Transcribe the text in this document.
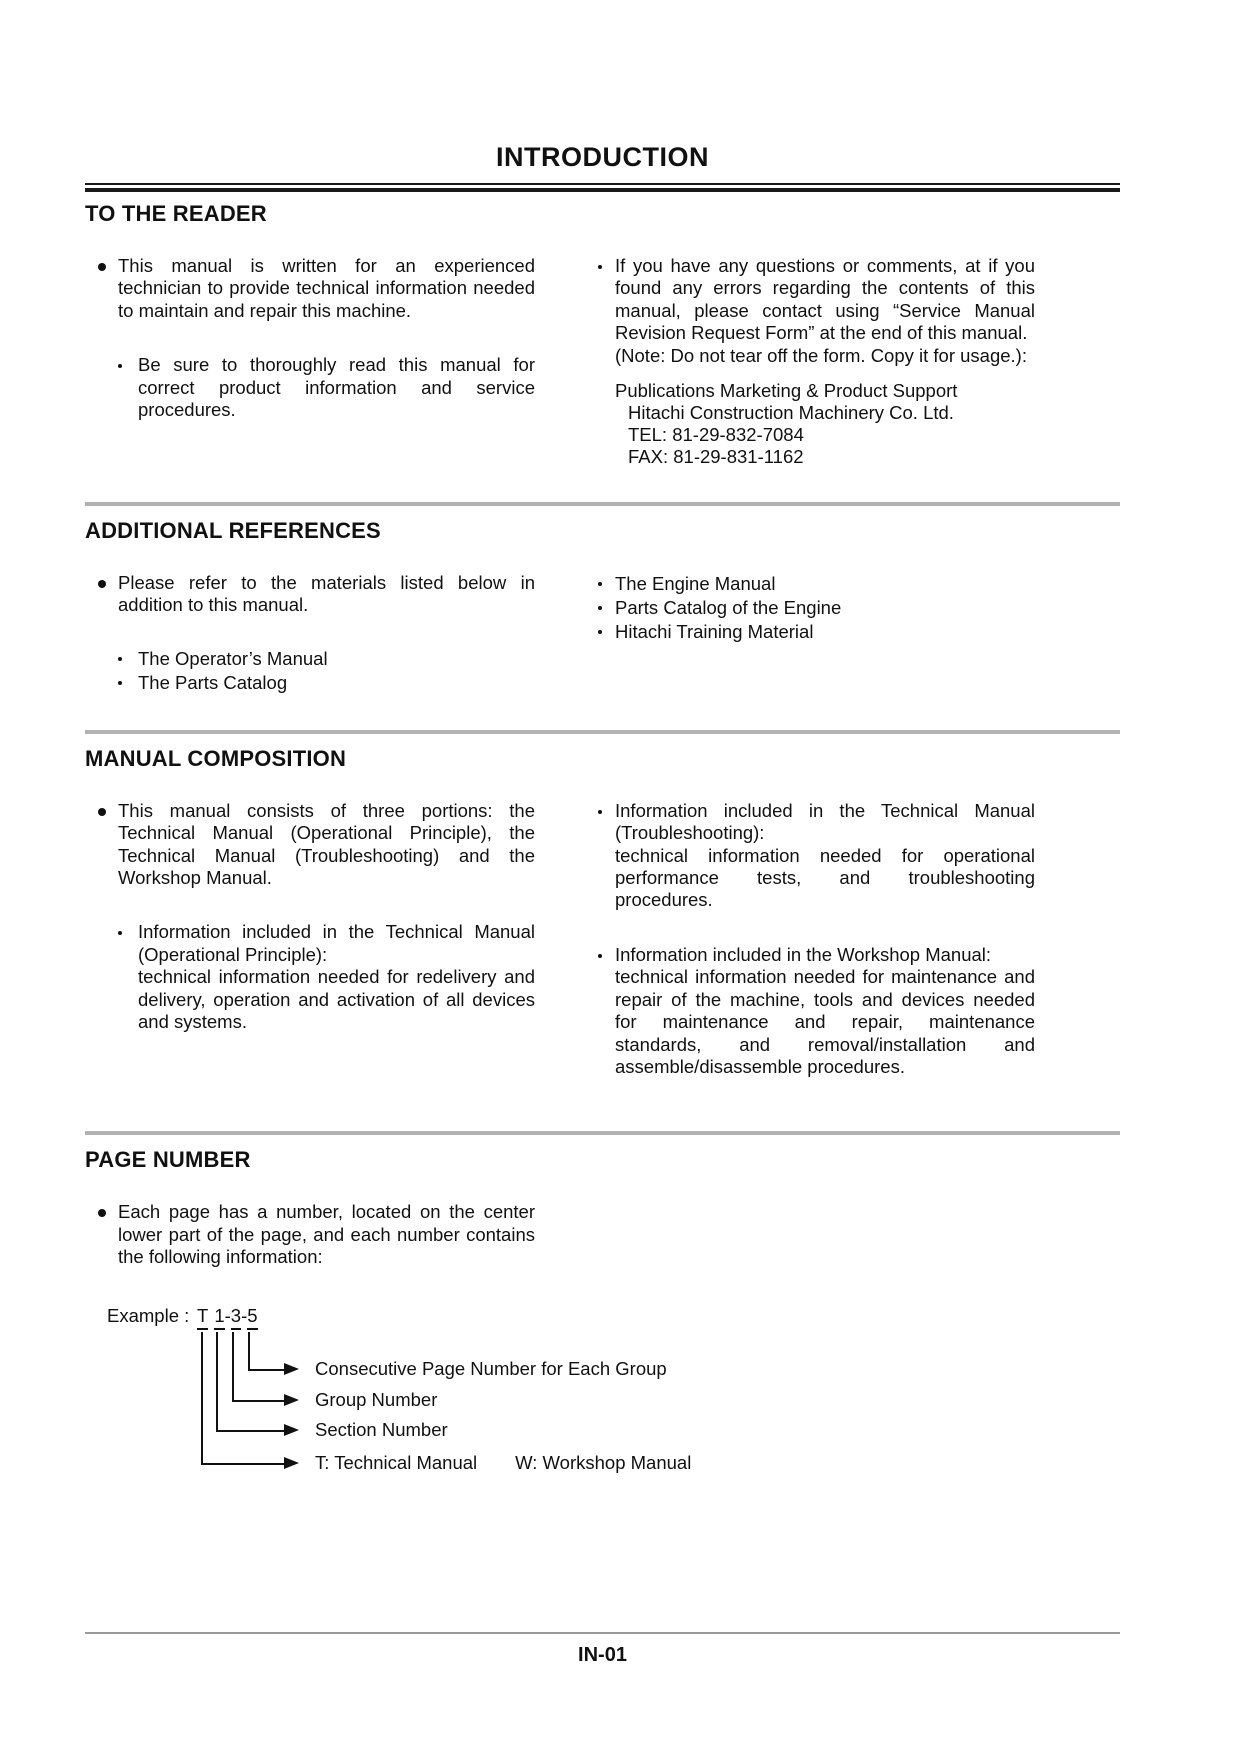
INTRODUCTION
TO THE READER
This manual is written for an experienced technician to provide technical information needed to maintain and repair this machine.
Be sure to thoroughly read this manual for correct product information and service procedures.
If you have any questions or comments, at if you found any errors regarding the contents of this manual, please contact using “Service Manual Revision Request Form” at the end of this manual.
(Note: Do not tear off the form. Copy it for usage.):
Publications Marketing & Product Support
Hitachi Construction Machinery Co. Ltd.
TEL: 81-29-832-7084
FAX: 81-29-831-1162
ADDITIONAL REFERENCES
Please refer to the materials listed below in addition to this manual.
The Operator’s Manual
The Parts Catalog
The Engine Manual
Parts Catalog of the Engine
Hitachi Training Material
MANUAL COMPOSITION
This manual consists of three portions: the Technical Manual (Operational Principle), the Technical Manual (Troubleshooting) and the Workshop Manual.
Information included in the Technical Manual (Operational Principle):
technical information needed for redelivery and delivery, operation and activation of all devices and systems.
Information included in the Technical Manual (Troubleshooting):
technical information needed for operational performance tests, and troubleshooting procedures.
Information included in the Workshop Manual:
technical information needed for maintenance and repair of the machine, tools and devices needed for maintenance and repair, maintenance standards, and removal/installation and assemble/disassemble procedures.
PAGE NUMBER
Each page has a number, located on the center lower part of the page, and each number contains the following information:
Example : T 1-3-5
Consecutive Page Number for Each Group
Group Number
Section Number
T: Technical Manual W: Workshop Manual
IN-01
